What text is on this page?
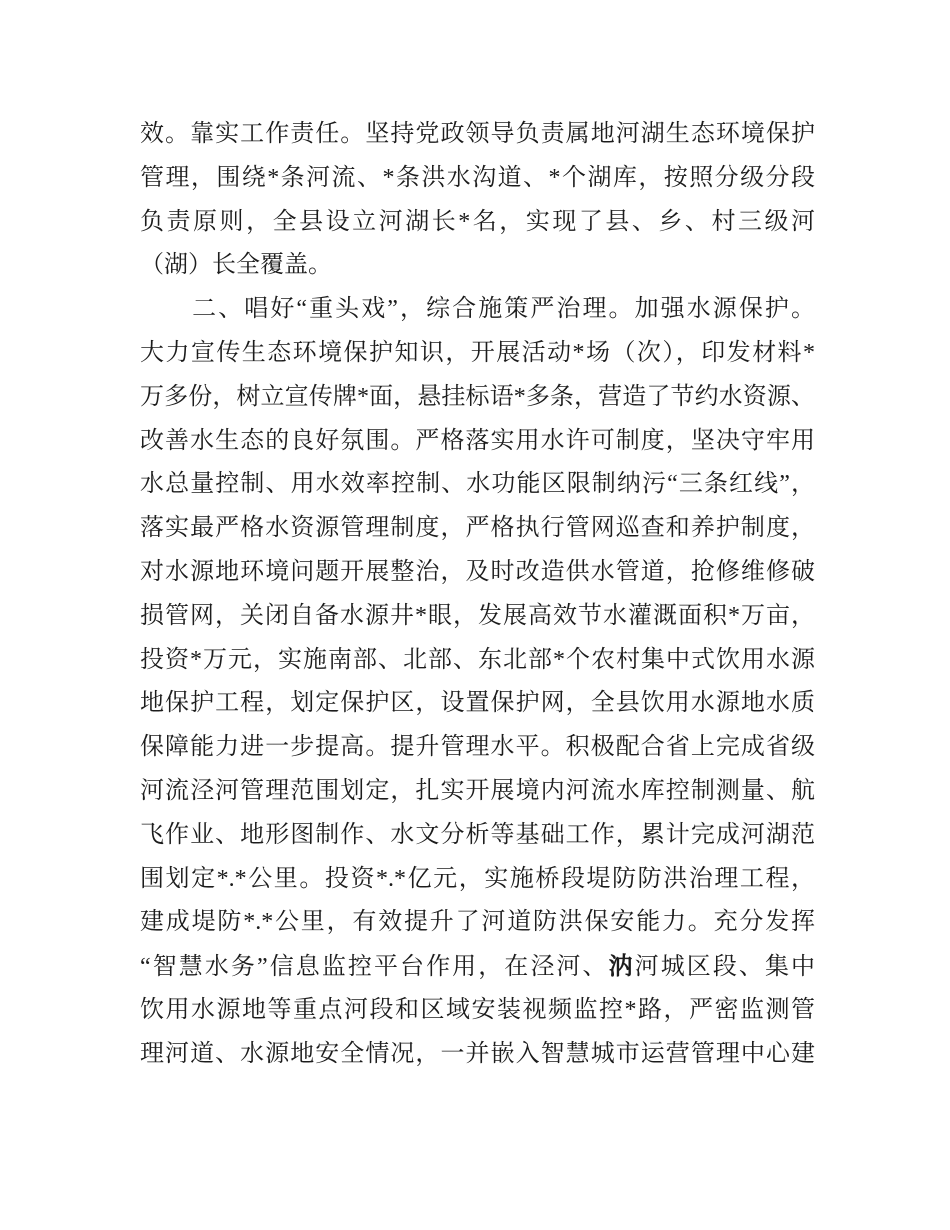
效。靠实工作责任。坚持党政领导负责属地河湖生态环境保护
管理，围绕*条河流、*条洪水沟道、*个湖库，按照分级分段
负责原则，全县设立河湖长*名，实现了县、乡、村三级河
（湖）长全覆盖。
　　二、唱好“重头戏”，综合施策严治理。加强水源保护。
大力宣传生态环境保护知识，开展活动*场（次），印发材料*
万多份，树立宣传牌*面，悬挂标语*多条，营造了节约水资源、
改善水生态的良好氛围。严格落实用水许可制度，坚决守牢用
水总量控制、用水效率控制、水功能区限制纳污“三条红线”，
落实最严格水资源管理制度，严格执行管网巡查和养护制度，
对水源地环境问题开展整治，及时改造供水管道，抢修维修破
损管网，关闭自备水源井*眼，发展高效节水灌溉面积*万亩，
投资*万元，实施南部、北部、东北部*个农村集中式饮用水源
地保护工程，划定保护区，设置保护网，全县饮用水源地水质
保障能力进一步提高。提升管理水平。积极配合省上完成省级
河流泾河管理范围划定，扎实开展境内河流水库控制测量、航
飞作业、地形图制作、水文分析等基础工作，累计完成河湖范
围划定*.*公里。投资*.*亿元，实施桥段堤防防洪治理工程，
建成堤防*.*公里，有效提升了河道防洪保安能力。充分发挥
“智慧水务”信息监控平台作用，在泾河、汭河城区段、集中
饮用水源地等重点河段和区域安装视频监控*路，严密监测管
理河道、水源地安全情况，一并嵌入智慧城市运营管理中心建
